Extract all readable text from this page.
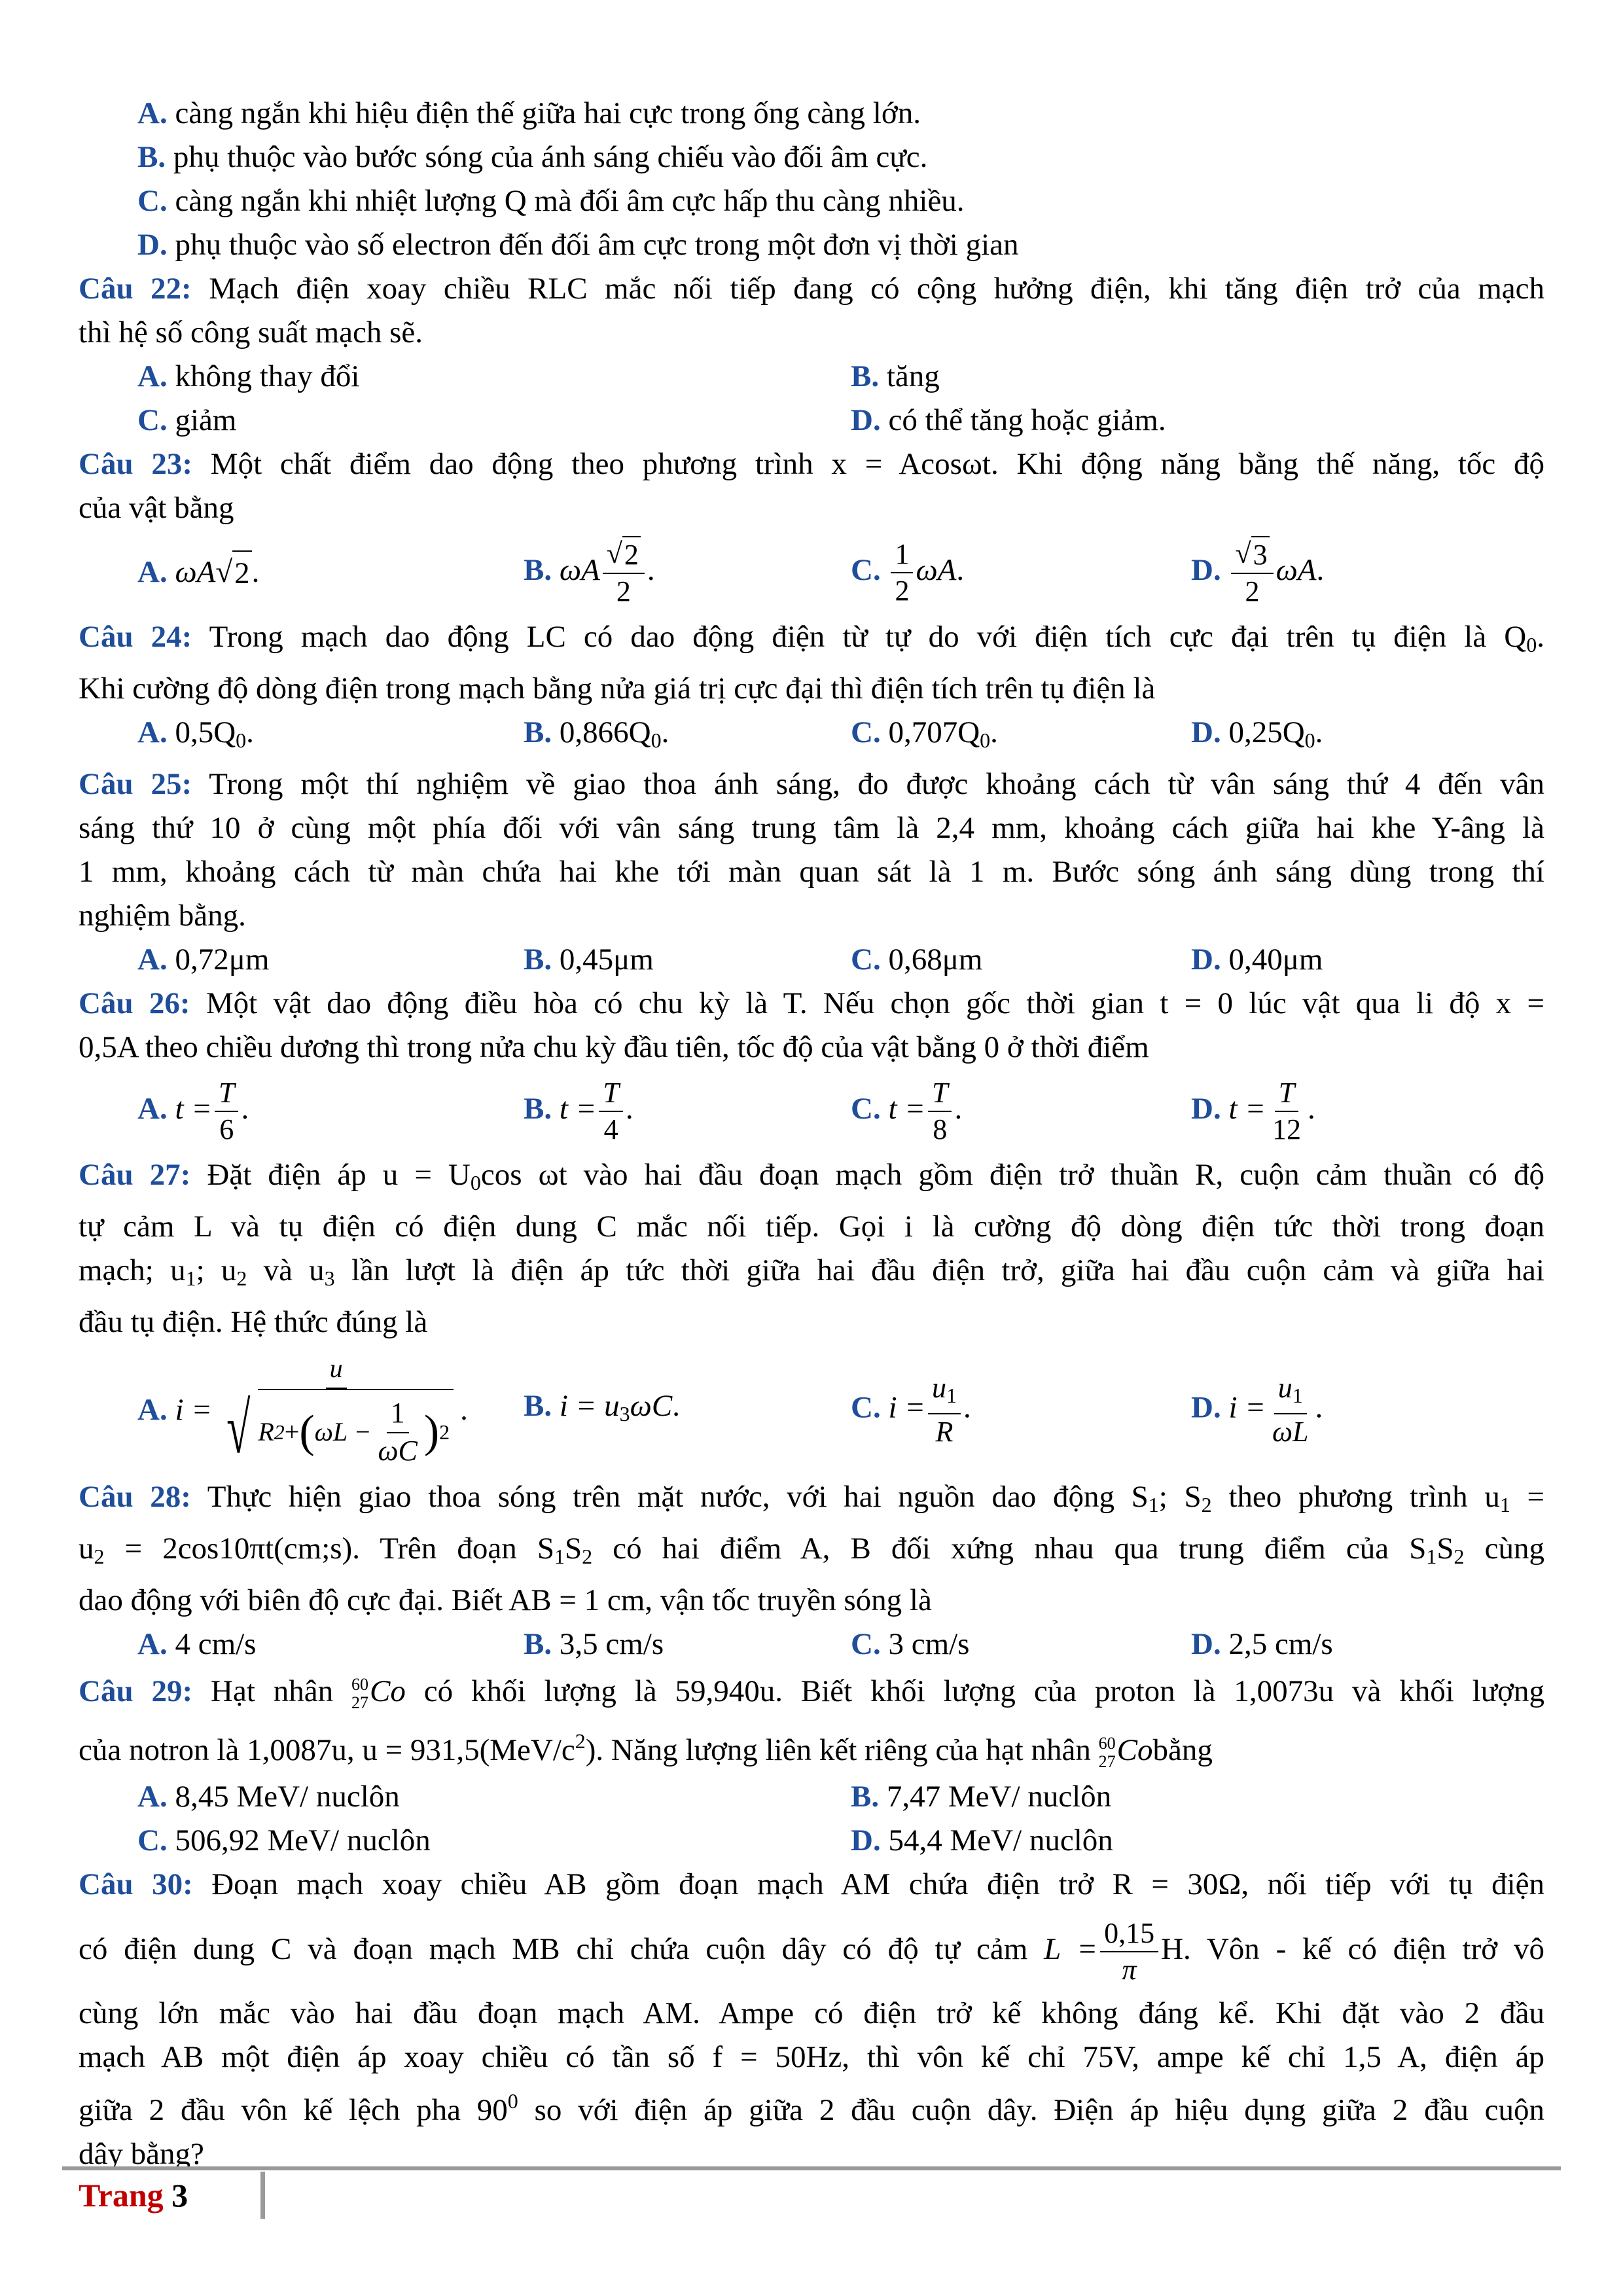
A. càng ngắn khi hiệu điện thế giữa hai cực trong ống càng lớn.
B. phụ thuộc vào bước sóng của ánh sáng chiếu vào đối âm cực.
C. càng ngắn khi nhiệt lượng Q mà đối âm cực hấp thu càng nhiều.
D. phụ thuộc vào số electron đến đối âm cực trong một đơn vị thời gian
Câu 22: Mạch điện xoay chiều RLC mắc nối tiếp đang có cộng hưởng điện, khi tăng điện trở của mạch
thì hệ số công suất mạch sẽ.
A. không thay đổi	B. tăng
C. giảm	D. có thể tăng hoặc giảm.
Câu 23: Một chất điểm dao động theo phương trình x = Acosωt. Khi động năng bằng thế năng, tốc độ
của vật bằng
A. ωA √ 2 .	B. ωA $\frac{√ 2}{2}$ .	C. $\frac{1}{2} \omega A$.	D. $\frac{√ 3}{2} \omega A$.
Câu 24: Trong mạch dao động LC có dao động điện từ tự do với điện tích cực đại trên tụ điện là $Q_0$.
Khi cường độ dòng điện trong mạch bằng nửa giá trị cực đại thì điện tích trên tụ điện là
A. $0,5Q_0$.	B. $0,866Q_0$.	C. $0,707Q_0$.	D. $0,25Q_0$.
Câu 25: Trong một thí nghiệm về giao thoa ánh sáng, đo được khoảng cách từ vân sáng thứ 4 đến vân
sáng thứ 10 ở cùng một phía đối với vân sáng trung tâm là 2,4 mm, khoảng cách giữa hai khe Y-âng là
1 mm, khoảng cách từ màn chứa hai khe tới màn quan sát là 1 m. Bước sóng ánh sáng dùng trong thí
nghiệm bằng.
A. 0,72μm	B. 0,45μm	C. 0,68μm	D. 0,40μm
Câu 26: Một vật dao động điều hòa có chu kỳ là T. Nếu chọn gốc thời gian t = 0 lúc vật qua li độ x =
0,5A theo chiều dương thì trong nửa chu kỳ đầu tiên, tốc độ của vật bằng 0 ở thời điểm
A. $t = \frac{T}{6}$ .	B. $t = \frac{T}{4}$ .	C. $t = \frac{T}{8}$ .	D. $t = \frac{T}{12}$ .
Câu 27: Đặt điện áp $u = U_0\cos$ ωt vào hai đầu đoạn mạch gồm điện trở thuần R, cuộn cảm thuần có độ
tự cảm L và tụ điện có điện dung C mắc nối tiếp. Gọi i là cường độ dòng điện tức thời trong đoạn
mạch; $u_1$; $u_2$ và $u_3$ lần lượt là điện áp tức thời giữa hai đầu điện trở, giữa hai đầu cuộn cảm và giữa hai
đầu tụ điện. Hệ thức đúng là
A.
$i = \frac{u}{√ R 2 + ( \omega L - \frac{1}{\omega C} ) 2}$ . B. $i = u_3\omega C$.	C. $i = \frac{u_1}{R}$ .	D. $i = \frac{u_1}{\omega L}$ .
Câu 28: Thực hiện giao thoa sóng trên mặt nước, với hai nguồn dao động $S_1$; $S_2$ theo phương trình $u_1$ =
$u_2$ = 2cos10πt(cm;s). Trên đoạn $S_1S_2$ có hai điểm A, B đối xứng nhau qua trung điểm của $S_1S_2$ cùng
dao động với biên độ cực đại. Biết AB = 1 cm, vận tốc truyền sóng là
A. 4 cm/s	B. 3,5 cm/s	C. 3 cm/s	D. 2,5 cm/s
Câu 29: Hạt nhân 60
27 Co có khối lượng là 59,940u. Biết khối lượng của proton là 1,0073u và khối lượng
của notron là 1,0087u, $u = 931,5(MeV/c^2)$. Năng lượng liên kết riêng của hạt nhân 60
27 Cobằng
A. 8,45 MeV/ nuclôn	B. 7,47 MeV/ nuclôn
C. 506,92 MeV/ nuclôn	D. 54,4 MeV/ nuclôn
Câu 30: Đoạn mạch xoay chiều AB gồm đoạn mạch AM chứa điện trở R = 30Ω, nối tiếp với tụ điện
có điện dung C và đoạn mạch MB chỉ chứa cuộn dây có độ tự cảm $L = \frac{0,15}{\pi} H$. Vôn - kế có điện trở vô
cùng lớn mắc vào hai đầu đoạn mạch AM. Ampe có điện trở kế không đáng kể. Khi đặt vào 2 đầu
mạch AB một điện áp xoay chiều có tần số f = 50Hz, thì vôn kế chỉ 75V, ampe kế chỉ 1,5 A, điện áp
giữa 2 đầu vôn kế lệch pha $90^0$ so với điện áp giữa 2 đầu cuộn dây. Điện áp hiệu dụng giữa 2 đầu cuộn
dây bằng?
Trang 3
